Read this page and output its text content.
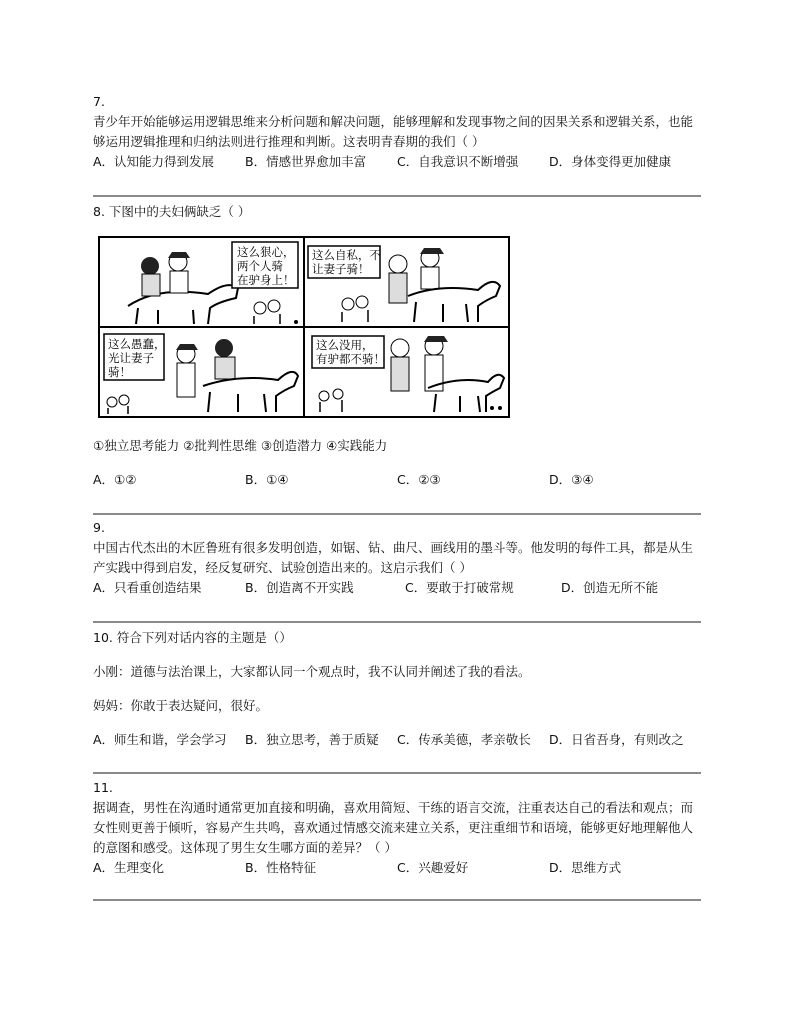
7.
青少年开始能够运用逻辑思维来分析问题和解决问题，能够理解和发现事物之间的因果关系和逻辑关系，也能够运用逻辑推理和归纳法则进行推理和判断。这表明青春期的我们（ ）
A．认知能力得到发展	B．情感世界愈加丰富	C．自我意识不断增强	D．身体变得更加健康
8. 下图中的夫妇俩缺乏（ ）
这么狠心，
两个人骑
在驴身上！
这么自私，不
让妻子骑！
这么愚蠢，
光让妻子
骑！
这么没用，
有驴都不骑！
①独立思考能力 ②批判性思维 ③创造潜力 ④实践能力
A．①②	B．①④	C．②③	D．③④
9.
中国古代杰出的木匠鲁班有很多发明创造，如锯、钻、曲尺、画线用的墨斗等。他发明的每件工具，都是从生产实践中得到启发，经反复研究、试验创造出来的。这启示我们（ ）
A．只看重创造结果	B．创造离不开实践	C．要敢于打破常规	D．创造无所不能
10. 符合下列对话内容的主题是（）
小刚：道德与法治课上，大家都认同一个观点时，我不认同并阐述了我的看法。
妈妈：你敢于表达疑问，很好。
A．师生和谐，学会学习	B．独立思考，善于质疑	C．传承美德，孝亲敬长	D．日省吾身，有则改之
11.
据调查，男性在沟通时通常更加直接和明确，喜欢用简短、干练的语言交流，注重表达自己的看法和观点；而女性则更善于倾听，容易产生共鸣，喜欢通过情感交流来建立关系，更注重细节和语境，能够更好地理解他人的意图和感受。这体现了男生女生哪方面的差异？（ ）
A．生理变化	B．性格特征	C．兴趣爱好	D．思维方式
